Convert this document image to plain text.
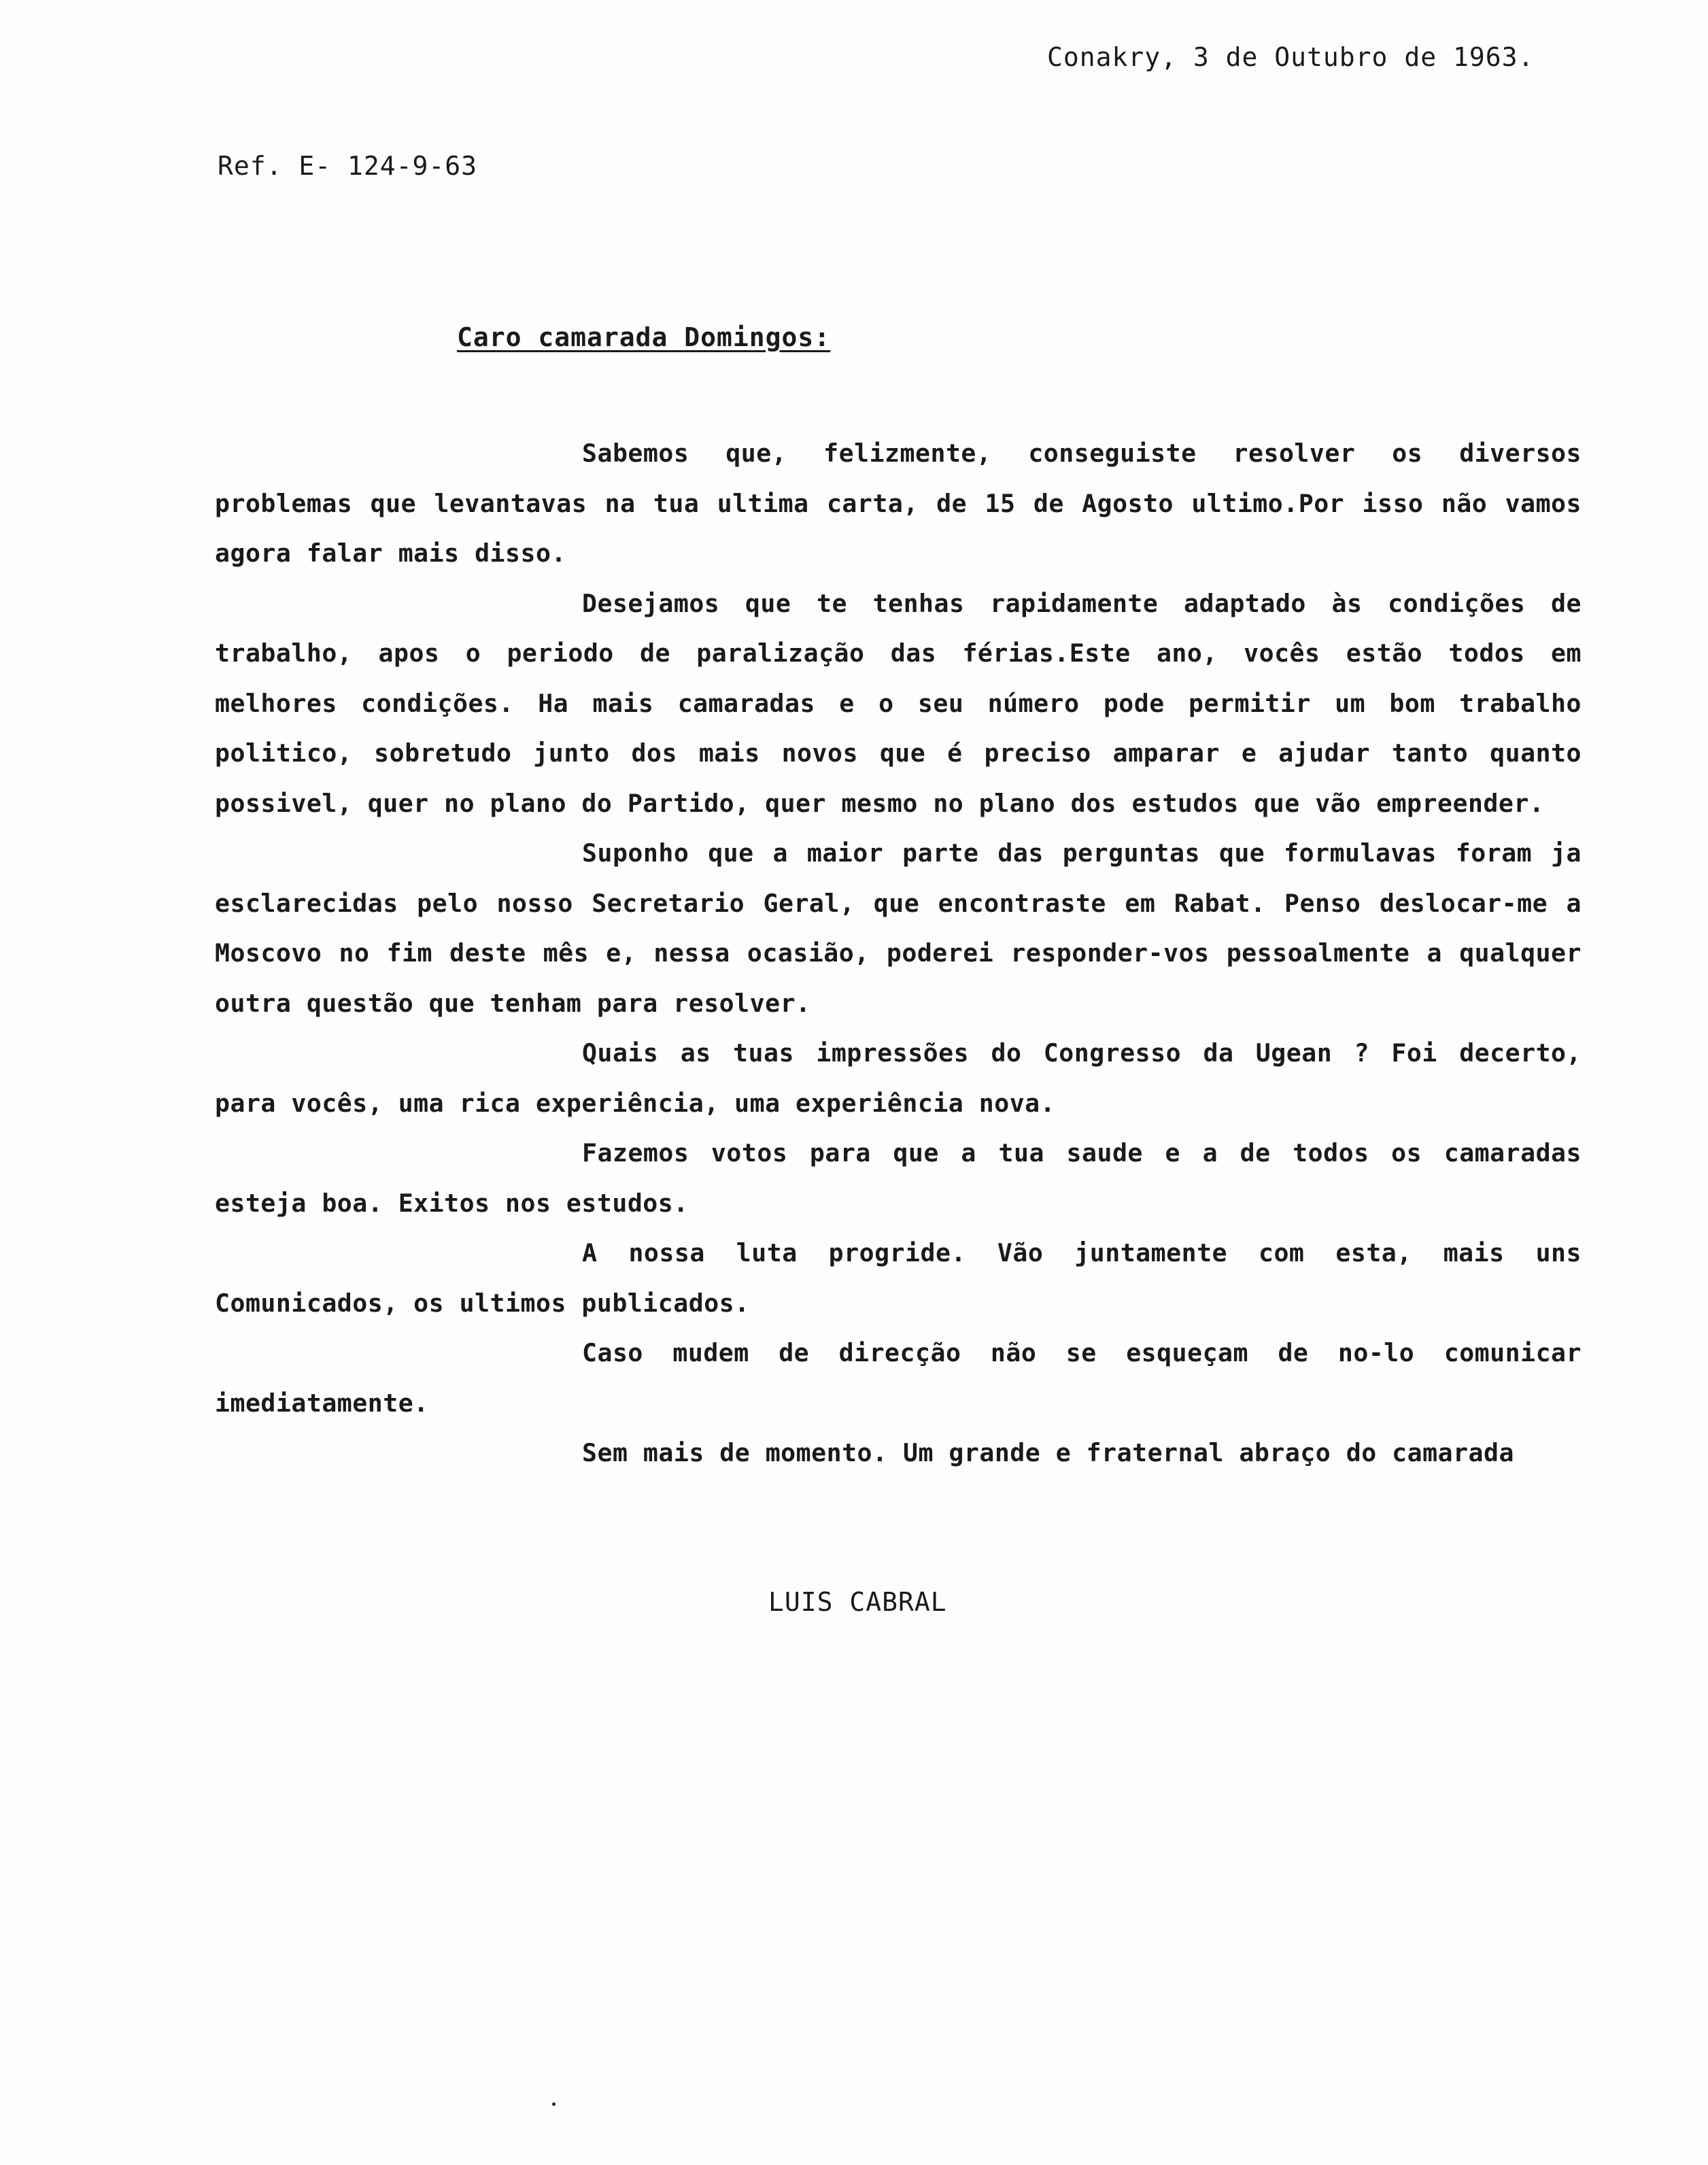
Conakry, 3 de Outubro de 1963.
Ref. E- 124-9-63
Caro camarada Domingos:

Sabemos que, felizmente, conseguiste resolver os diversos problemas que levantavas na tua ultima carta, de 15 de Agosto ultimo.Por isso não vamos agora falar mais disso.

Desejamos que te tenhas rapidamente adaptado às condições de trabalho, apos o periodo de paralização das férias.Este ano, vocês estão todos em melhores condições. Ha mais camaradas e o seu número pode permitir um bom trabalho politico, sobretudo junto dos mais novos que é preciso amparar e ajudar tanto quanto possivel, quer no plano do Partido, quer mesmo no plano dos estudos que vão empreender.

Suponho que a maior parte das perguntas que formulavas foram ja esclarecidas pelo nosso Secretario Geral, que encontraste em Rabat. Penso deslocar-me a Moscovo no fim deste mês e, nessa ocasião, poderei responder-vos pessoalmente a qualquer outra questão que tenham para resolver.

Quais as tuas impressões do Congresso da Ugean ? Foi decerto, para vocês, uma rica experiência, uma experiência nova.

Fazemos votos para que a tua saude e a de todos os camaradas esteja boa. Exitos nos estudos.

A nossa luta progride. Vão juntamente com esta, mais uns Comunicados, os ultimos publicados.

Caso mudem de direcção não se esqueçam de no-lo comunicar imediatamente.

Sem mais de momento. Um grande e fraternal abraço do camarada

LUIS CABRAL
